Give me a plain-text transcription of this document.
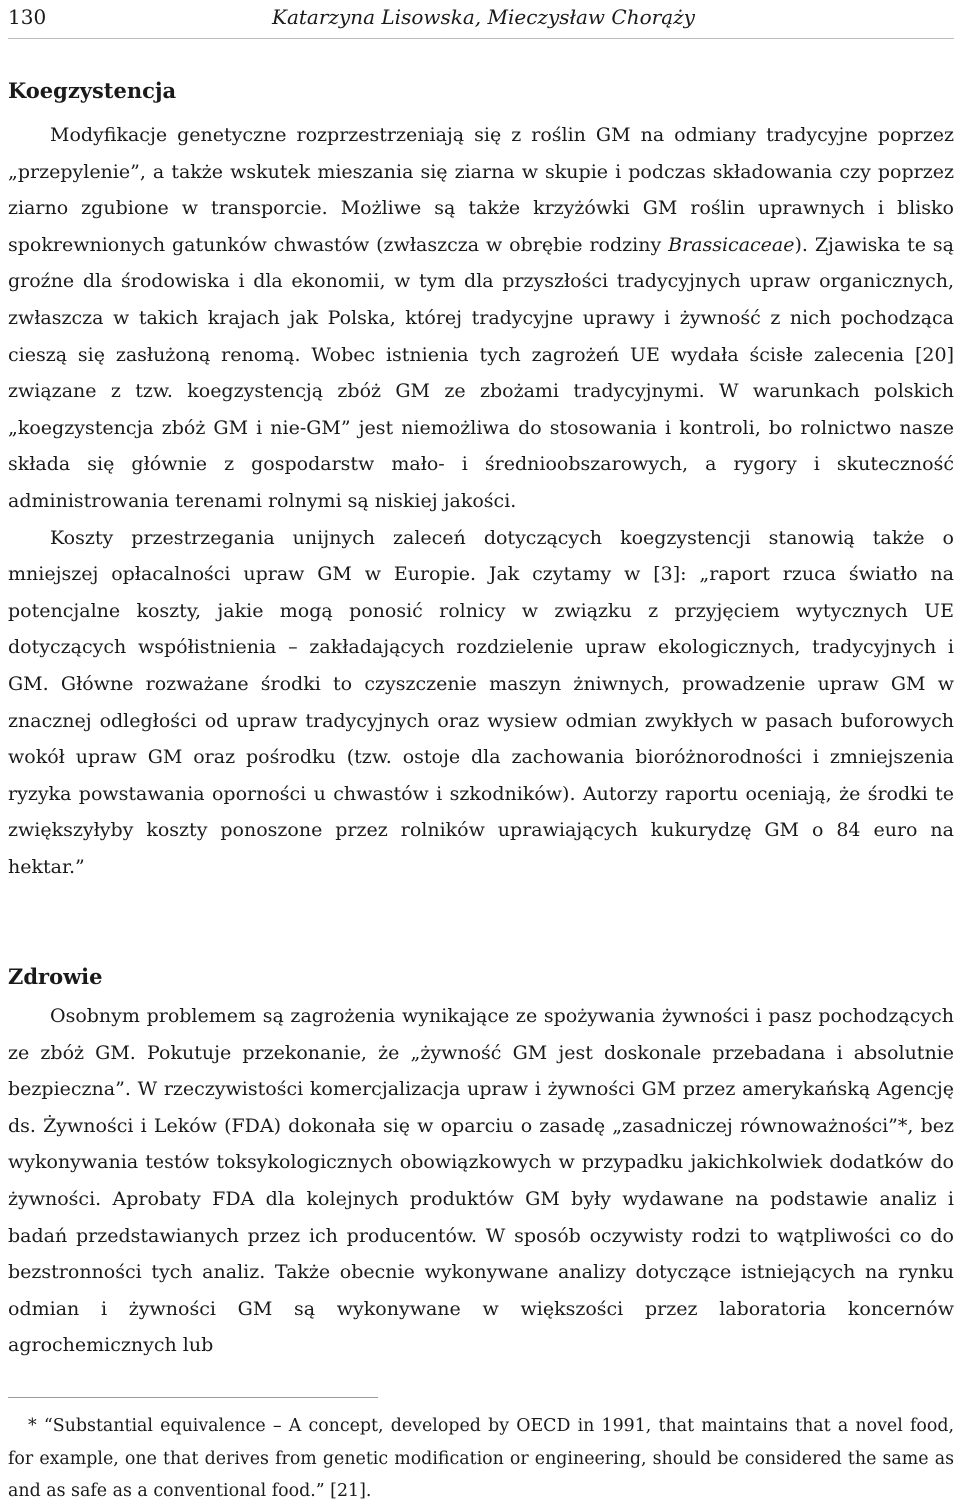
130	Katarzyna Lisowska, Mieczysław Chorąży
Koegzystencja

Modyfikacje genetyczne rozprzestrzeniają się z roślin GM na odmiany tradycyjne poprzez „przepylenie”, a także wskutek mieszania się ziarna w skupie i podczas składowania czy poprzez ziarno zgubione w transporcie. Możliwe są także krzyżówki GM roślin uprawnych i blisko spokrewnionych gatunków chwastów (zwłaszcza w obrębie rodziny Brassicaceae). Zjawiska te są groźne dla środowiska i dla ekonomii, w tym dla przyszłości tradycyjnych upraw organicznych, zwłaszcza w takich krajach jak Polska, której tradycyjne uprawy i żywność z nich pochodząca cieszą się zasłużoną renomą. Wobec istnienia tych zagrożeń UE wydała ścisłe zalecenia [20] związane z tzw. koegzystencją zbóż GM ze zbożami tradycyjnymi. W warunkach polskich „koegzystencja zbóż GM i nie-GM” jest niemożliwa do stosowania i kontroli, bo rolnictwo nasze składa się głównie z gospodarstw mało- i średnioobszarowych, a rygory i skuteczność administrowania terenami rolnymi są niskiej jakości.

Koszty przestrzegania unijnych zaleceń dotyczących koegzystencji stanowią także o mniejszej opłacalności upraw GM w Europie. Jak czytamy w [3]: „raport rzuca światło na potencjalne koszty, jakie mogą ponosić rolnicy w związku z przyjęciem wytycznych UE dotyczących współistnienia – zakładających rozdzielenie upraw ekologicznych, tradycyjnych i GM. Główne rozważane środki to czyszczenie maszyn żniwnych, prowadzenie upraw GM w znacznej odległości od upraw tradycyjnych oraz wysiew odmian zwykłych w pasach buforowych wokół upraw GM oraz pośrodku (tzw. ostoje dla zachowania bioróżnorodności i zmniejszenia ryzyka powstawania oporności u chwastów i szkodników). Autorzy raportu oceniają, że środki te zwiększyłyby koszty ponoszone przez rolników uprawiających kukurydzę GM o 84 euro na hektar.”

Zdrowie

Osobnym problemem są zagrożenia wynikające ze spożywania żywności i pasz pochodzących ze zbóż GM. Pokutuje przekonanie, że „żywność GM jest doskonale przebadana i absolutnie bezpieczna”. W rzeczywistości komercjalizacja upraw i żywności GM przez amerykańską Agencję ds. Żywności i Leków (FDA) dokonała się w oparciu o zasadę „zasadniczej równoważności”*, bez wykonywania testów toksykologicznych obowiązkowych w przypadku jakichkolwiek dodatków do żywności. Aprobaty FDA dla kolejnych produktów GM były wydawane na podstawie analiz i badań przedstawianych przez ich producentów. W sposób oczywisty rodzi to wątpliwości co do bezstronności tych analiz. Także obecnie wykonywane analizy dotyczące istniejących na rynku odmian i żywności GM są wykonywane w większości przez laboratoria koncernów agrochemicznych lub

* “Substantial equivalence – A concept, developed by OECD in 1991, that maintains that a novel food, for example, one that derives from genetic modification or engineering, should be considered the same as and as safe as a conventional food.” [21].
